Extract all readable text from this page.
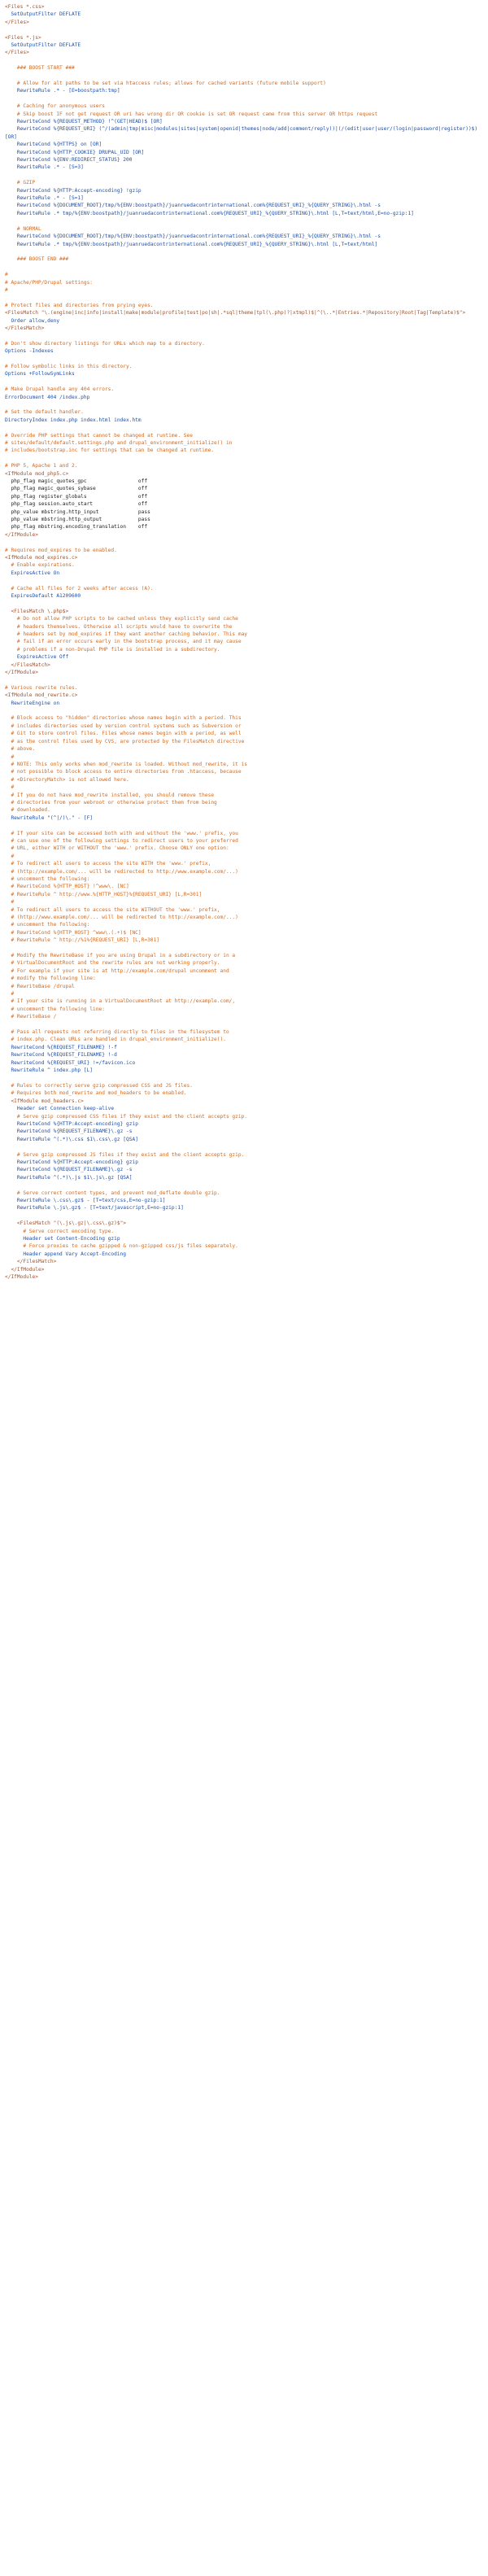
<Files *.css>
SetOutputFilter DEFLATE
</Files>
<Files *.js>
SetOutputFilter DEFLATE
</Files>
### BOOST START ###
# Allow for alt paths to be set via htaccess rules; allows for cached variants (future mobile support)
RewriteRule .* - [E=boostpath:tmp]
# Caching for anonymous users
# Skip boost IF not get request OR uri has wrong dir OR cookie is set OR request came from this server OR https request
RewriteCond %{REQUEST_METHOD} !^(GET|HEAD)$ [OR]
RewriteCond %{REQUEST_URI} (^/(admin|tmp|misc|modules|sites|system|openid|themes|node/add|comment/reply))|(/(edit|user|user/(login|password|register))$) [OR]
RewriteCond %{HTTPS} on [OR]
RewriteCond %{HTTP_COOKIE} DRUPAL_UID [OR]
RewriteCond %{ENV:REDIRECT_STATUS} 200
RewriteRule .* - [S=3]
# GZIP
RewriteCond %{HTTP:Accept-encoding} !gzip
RewriteRule .* - [S=1]
RewriteCond %{DOCUMENT_ROOT}/tmp/%{ENV:boostpath}/juanruedacontrinternational.com%{REQUEST_URI}_%{QUERY_STRING}\.html -s
RewriteRule .* tmp/%{ENV:boostpath}/juanruedacontrinternational.com%{REQUEST_URI}_%{QUERY_STRING}\.html [L,T=text/html,E=no-gzip:1]
# NORMAL
RewriteCond %{DOCUMENT_ROOT}/tmp/%{ENV:boostpath}/juanruedacontrinternational.com%{REQUEST_URI}_%{QUERY_STRING}\.html -s
RewriteRule .* tmp/%{ENV:boostpath}/juanruedacontrinternational.com%{REQUEST_URI}_%{QUERY_STRING}\.html [L,T=text/html]
### BOOST END ###
#
# Apache/PHP/Drupal settings:
#
# Protect files and directories from prying eyes.
<FilesMatch "\.(engine|inc|info|install|make|module|profile|test|po|sh|.*sql|theme|tpl(\.php)?|xtmpl)$|^(\..*|Entries.*|Repository|Root|Tag|Template)$">
Order allow,deny
</FilesMatch>
# Don't show directory listings for URLs which map to a directory.
Options -Indexes
# Follow symbolic links in this directory.
Options +FollowSymLinks
# Make Drupal handle any 404 errors.
ErrorDocument 404 /index.php
# Set the default handler.
DirectoryIndex index.php index.html index.htm
# Override PHP settings that cannot be changed at runtime. See
# sites/default/default.settings.php and drupal_environment_initialize() in
# includes/bootstrap.inc for settings that can be changed at runtime.
# PHP 5, Apache 1 and 2.
<IfModule mod_php5.c>
php_flag magic_quotes_gpc                 off
php_flag magic_quotes_sybase              off
php_flag register_globals                 off
php_flag session.auto_start               off
php_value mbstring.http_input             pass
php_value mbstring.http_output            pass
php_flag mbstring.encoding_translation    off
</IfModule>
# Requires mod_expires to be enabled.
<IfModule mod_expires.c>
# Enable expirations.
ExpiresActive On
# Cache all files for 2 weeks after access (A).
ExpiresDefault A1209600
<FilesMatch \.php$>
# Do not allow PHP scripts to be cached unless they explicitly send cache
# headers themselves. Otherwise all scripts would have to overwrite the
# headers set by mod_expires if they want another caching behavior. This may
# fail if an error occurs early in the bootstrap process, and it may cause
# problems if a non-Drupal PHP file is installed in a subdirectory.
ExpiresActive Off
</FilesMatch>
</IfModule>
# Various rewrite rules.
<IfModule mod_rewrite.c>
RewriteEngine on
# Block access to "hidden" directories whose names begin with a period. This
# includes directories used by version control systems such as Subversion or
# Git to store control files. Files whose names begin with a period, as well
# as the control files used by CVS, are protected by the FilesMatch directive
# above.
#
# NOTE: This only works when mod_rewrite is loaded. Without mod_rewrite, it is
# not possible to block access to entire directories from .htaccess, because
# <DirectoryMatch> is not allowed here.
#
# If you do not have mod_rewrite installed, you should remove these
# directories from your webroot or otherwise protect them from being
# downloaded.
RewriteRule "(^|/)\." - [F]
# If your site can be accessed both with and without the 'www.' prefix, you
# can use one of the following settings to redirect users to your preferred
# URL, either WITH or WITHOUT the 'www.' prefix. Choose ONLY one option:
#
# To redirect all users to access the site WITH the 'www.' prefix,
# (http://example.com/... will be redirected to http://www.example.com/...)
# uncomment the following:
# RewriteCond %{HTTP_HOST} !^www\. [NC]
# RewriteRule ^ http://www.%{HTTP_HOST}%{REQUEST_URI} [L,R=301]
#
# To redirect all users to access the site WITHOUT the 'www.' prefix,
# (http://www.example.com/... will be redirected to http://example.com/...)
# uncomment the following:
# RewriteCond %{HTTP_HOST} ^www\.(.+)$ [NC]
# RewriteRule ^ http://%1%{REQUEST_URI} [L,R=301]
# Modify the RewriteBase if you are using Drupal in a subdirectory or in a
# VirtualDocumentRoot and the rewrite rules are not working properly.
# For example if your site is at http://example.com/drupal uncomment and
# modify the following line:
# RewriteBase /drupal
#
# If your site is running in a VirtualDocumentRoot at http://example.com/,
# uncomment the following line:
# RewriteBase /
# Pass all requests not referring directly to files in the filesystem to
# index.php. Clean URLs are handled in drupal_environment_initialize().
RewriteCond %{REQUEST_FILENAME} !-f
RewriteCond %{REQUEST_FILENAME} !-d
RewriteCond %{REQUEST_URI} !=/favicon.ico
RewriteRule ^ index.php [L]
# Rules to correctly serve gzip compressed CSS and JS files.
# Requires both mod_rewrite and mod_headers to be enabled.
<IfModule mod_headers.c>
Header set Connection keep-alive
# Serve gzip compressed CSS files if they exist and the client accepts gzip.
RewriteCond %{HTTP:Accept-encoding} gzip
RewriteCond %{REQUEST_FILENAME}\.gz -s
RewriteRule ^(.*)\.css $1\.css\.gz [QSA]
# Serve gzip compressed JS files if they exist and the client accepts gzip.
RewriteCond %{HTTP:Accept-encoding} gzip
RewriteCond %{REQUEST_FILENAME}\.gz -s
RewriteRule ^(.*)\.js $1\.js\.gz [QSA]
# Serve correct content types, and prevent mod_deflate double gzip.
RewriteRule \.css\.gz$ - [T=text/css,E=no-gzip:1]
RewriteRule \.js\.gz$ - [T=text/javascript,E=no-gzip:1]
<FilesMatch "(\.js\.gz|\.css\.gz)$">
# Serve correct encoding type.
Header set Content-Encoding gzip
# Force proxies to cache gzipped & non-gzipped css/js files separately.
Header append Vary Accept-Encoding
</FilesMatch>
</IfModule>
</IfModule>
